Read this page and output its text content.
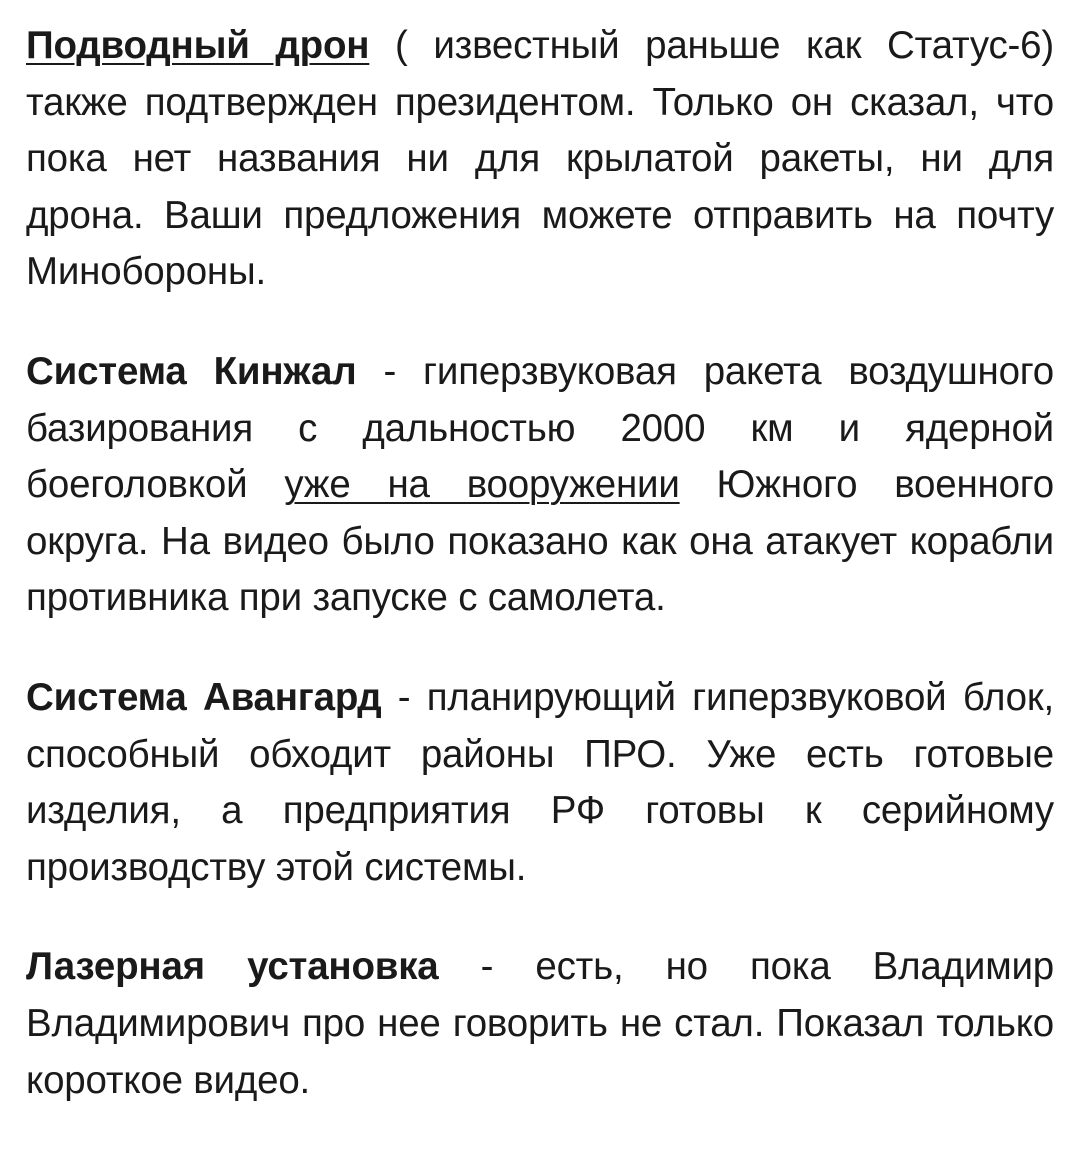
Подводный дрон ( известный раньше как Статус-6) также подтвержден президентом. Только он сказал, что пока нет названия ни для крылатой ракеты, ни для дрона. Ваши предложения можете отправить на почту Минобороны.

Система Кинжал - гиперзвуковая ракета воздушного базирования с дальностью 2000 км и ядерной боеголовкой уже на вооружении Южного военного округа. На видео было показано как она атакует корабли противника при запуске с самолета.

Система Авангард - планирующий гиперзвуковой блок, способный обходит районы ПРО. Уже есть готовые изделия, а предприятия РФ готовы к серийному производству этой системы.

Лазерная установка - есть, но пока Владимир Владимирович про нее говорить не стал. Показал только короткое видео.
